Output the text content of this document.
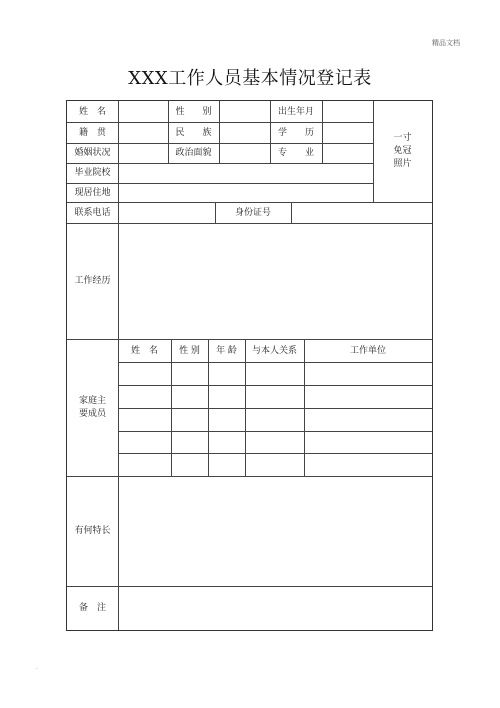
精品文档
XXX工作人员基本情况登记表
姓　名	性　　别	出生年月
籍　贯	民　　族	学　　历
婚姻状况	政治面貌	专　　业
一寸
免冠
照片
毕业院校
现居住地
联系电话	身份证号
工作经历
家庭主
要成员
姓　名	性 别	年 龄	与本人关系	工作单位
有何特长
备　注
.
